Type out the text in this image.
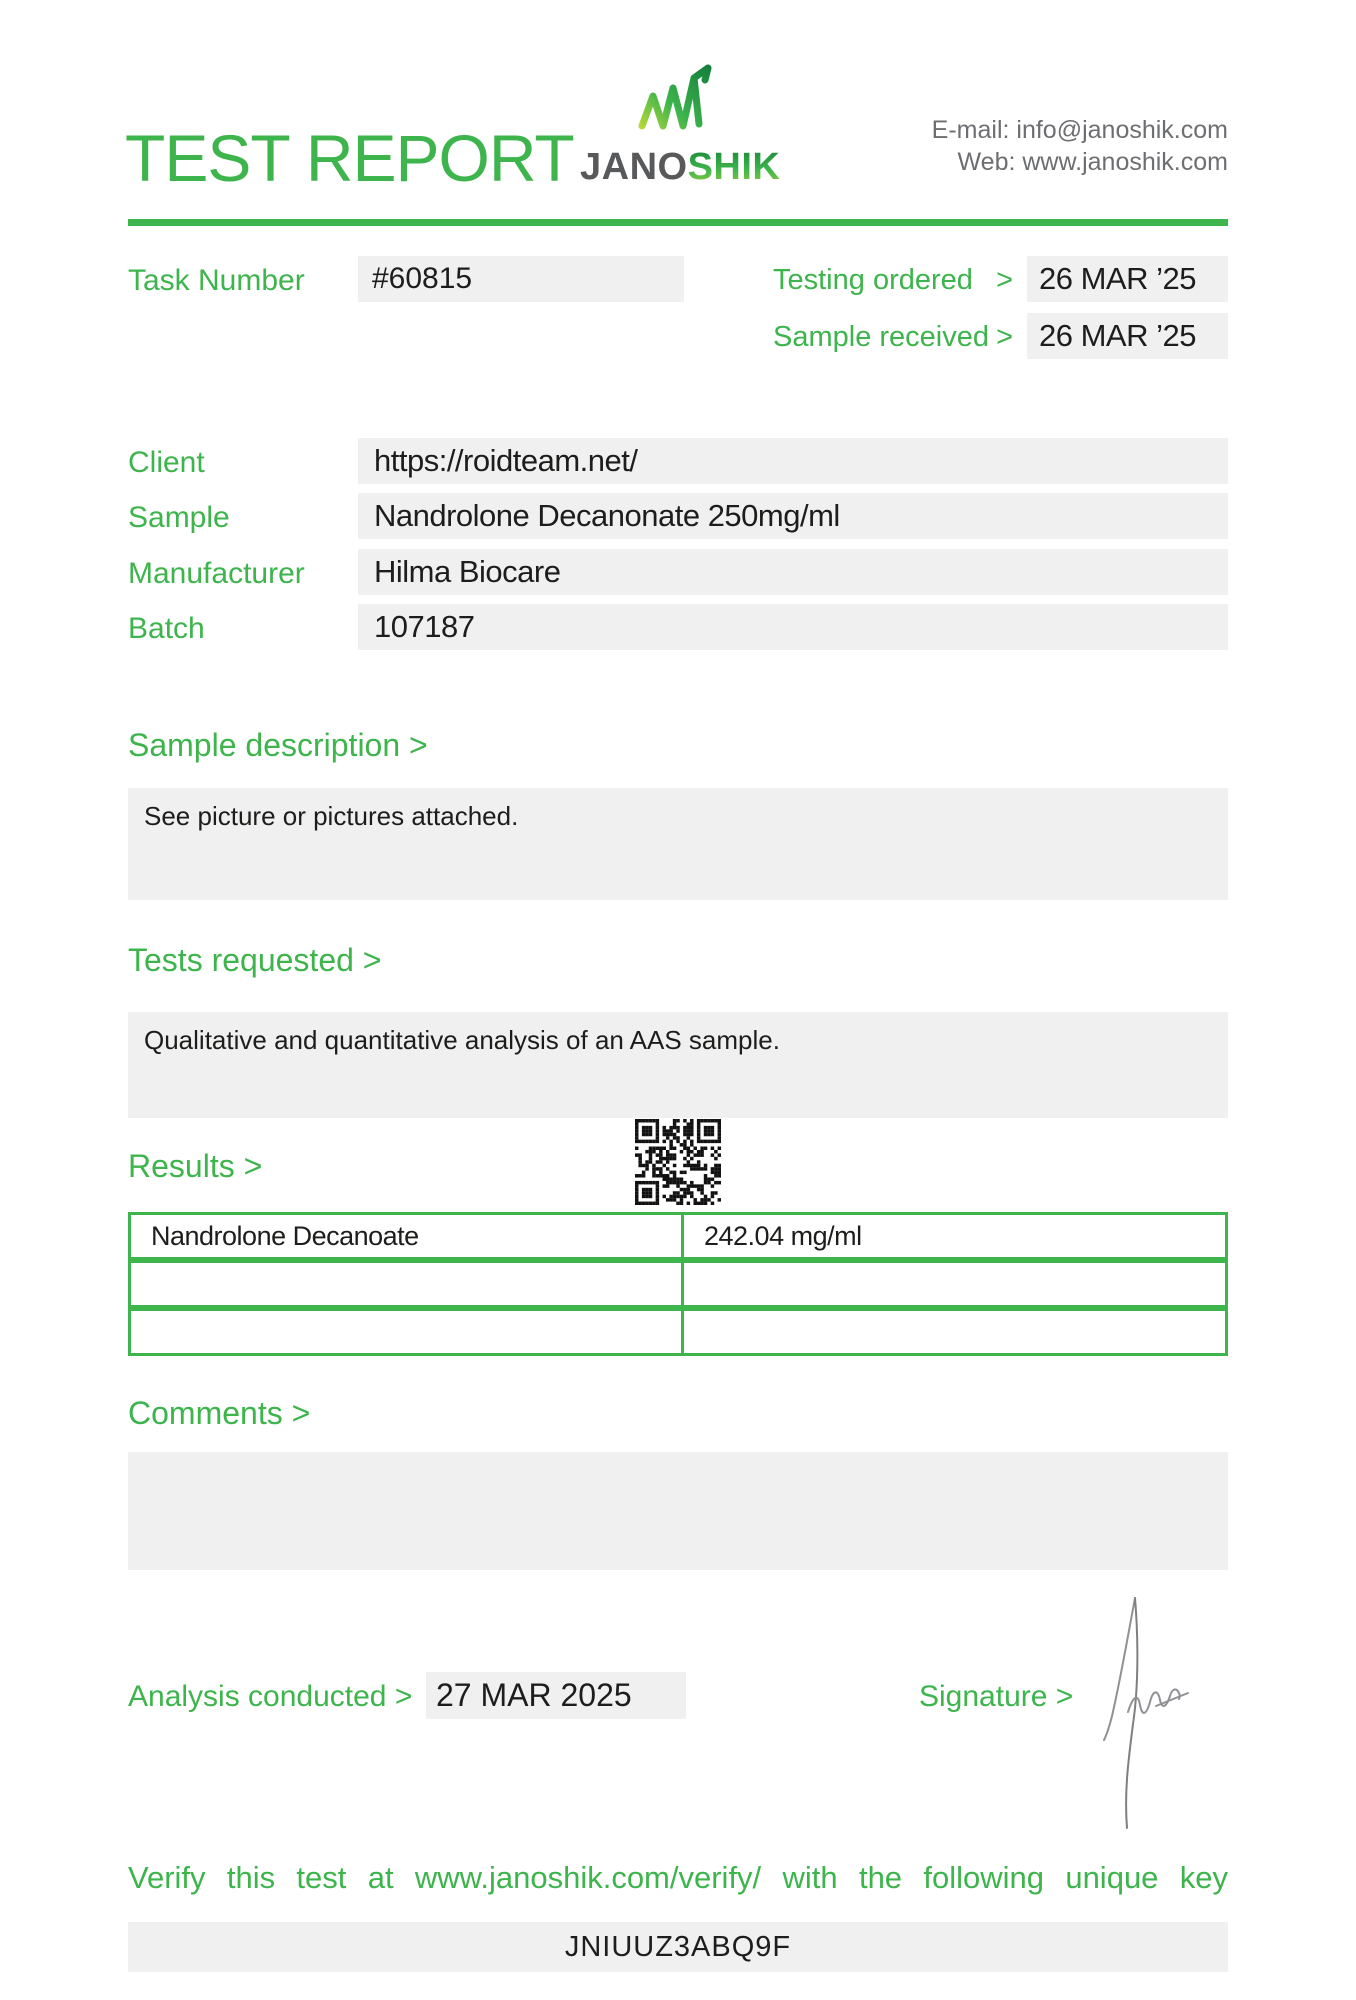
TEST REPORT JANOSHIK
E-mail: info@janoshik.com
Web: www.janoshik.com
Task Number	#60815	Testing ordered > 26 MAR ’25
Sample received > 26 MAR ’25
Client	https://roidteam.net/
Sample	Nandrolone Decanonate 250mg/ml
Manufacturer	Hilma Biocare
Batch	107187
Sample description >
See picture or pictures attached.
Tests requested >
Qualitative and quantitative analysis of an AAS sample.
Results >
Nandrolone Decanoate	242.04 mg/ml
Comments >
Analysis conducted > 27 MAR 2025	Signature >
Verify this test at www.janoshik.com/verify/ with the following unique key
JNIUUZ3ABQ9F
